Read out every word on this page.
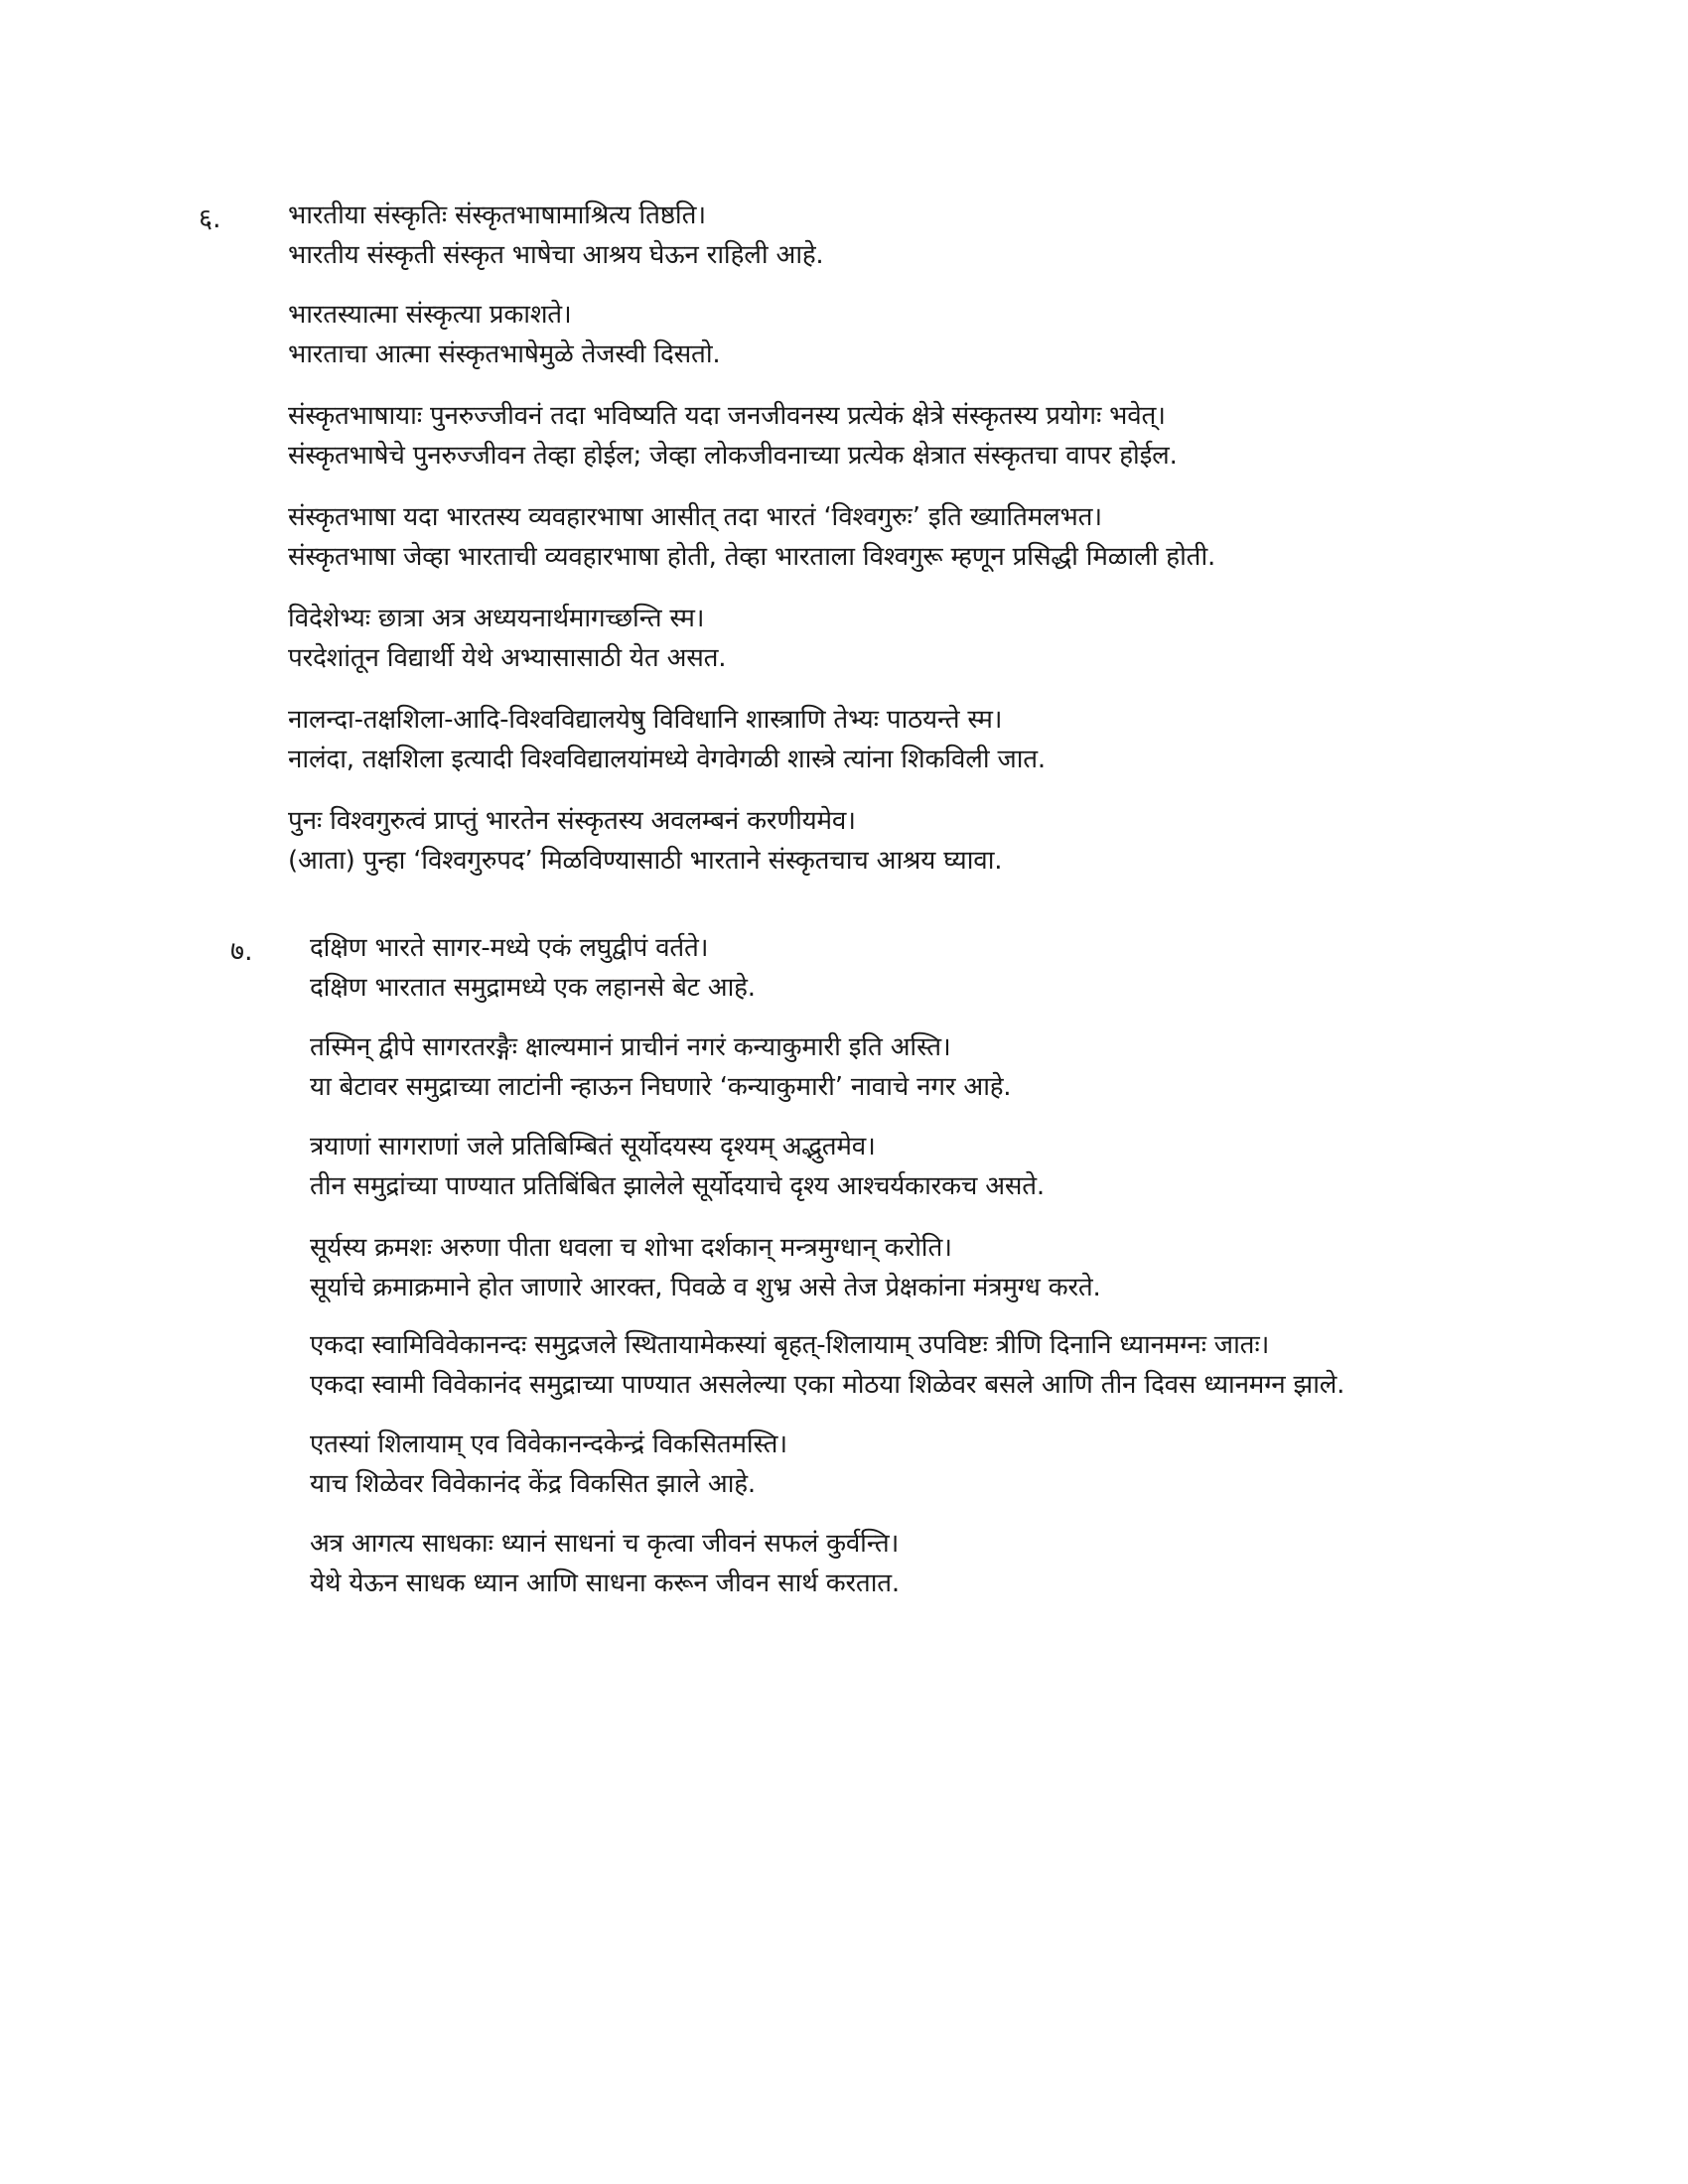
६.	भारतीया संस्कृतिः संस्कृतभाषामाश्रित्य तिष्ठति।
भारतीय संस्कृती संस्कृत भाषेचा आश्रय घेऊन राहिली आहे.
भारतस्यात्मा संस्कृत्या प्रकाशते।
भारताचा आत्मा संस्कृतभाषेमुळे तेजस्वी दिसतो.
संस्कृतभाषायाः पुनरुज्जीवनं तदा भविष्यति यदा जनजीवनस्य प्रत्येकं क्षेत्रे संस्कृतस्य प्रयोगः भवेत्।
संस्कृतभाषेचे पुनरुज्जीवन तेव्हा होईल; जेव्हा लोकजीवनाच्या प्रत्येक क्षेत्रात संस्कृतचा वापर होईल.
संस्कृतभाषा यदा भारतस्य व्यवहारभाषा आसीत् तदा भारतं ‘विश्वगुरुः’ इति ख्यातिमलभत।
संस्कृतभाषा जेव्हा भारताची व्यवहारभाषा होती, तेव्हा भारताला विश्वगुरू म्हणून प्रसिद्धी मिळाली होती.
विदेशेभ्यः छात्रा अत्र अध्ययनार्थमागच्छन्ति स्म।
परदेशांतून विद्यार्थी येथे अभ्यासासाठी येत असत.
नालन्दा-तक्षशिला-आदि-विश्वविद्यालयेषु विविधानि शास्त्राणि तेभ्यः पाठयन्ते स्म।
नालंदा, तक्षशिला इत्यादी विश्वविद्यालयांमध्ये वेगवेगळी शास्त्रे त्यांना शिकविली जात.
पुनः विश्वगुरुत्वं प्राप्तुं भारतेन संस्कृतस्य अवलम्बनं करणीयमेव।
(आता) पुन्हा ‘विश्वगुरुपद’ मिळविण्यासाठी भारताने संस्कृतचाच आश्रय घ्यावा.
७. दक्षिण भारते सागर-मध्ये एकं लघुद्वीपं वर्तते।
दक्षिण भारतात समुद्रामध्ये एक लहानसे बेट आहे.
तस्मिन् द्वीपे सागरतरङ्गैः क्षाल्यमानं प्राचीनं नगरं कन्याकुमारी इति अस्ति।
या बेटावर समुद्राच्या लाटांनी न्हाऊन निघणारे ‘कन्याकुमारी’ नावाचे नगर आहे.
त्रयाणां सागराणां जले प्रतिबिम्बितं सूर्योदयस्य दृश्यम् अद्भुतमेव।
तीन समुद्रांच्या पाण्यात प्रतिबिंबित झालेले सूर्योदयाचे दृश्य आश्चर्यकारकच असते.
सूर्यस्य क्रमशः अरुणा पीता धवला च शोभा दर्शकान् मन्त्रमुग्धान् करोति।
सूर्याचे क्रमाक्रमाने होत जाणारे आरक्त, पिवळे व शुभ्र असे तेज प्रेक्षकांना मंत्रमुग्ध करते.
एकदा स्वामिविवेकानन्दः समुद्रजले स्थितायामेकस्यां बृहत्-शिलायाम् उपविष्टः त्रीणि दिनानि ध्यानमग्नः जातः।
एकदा स्वामी विवेकानंद समुद्राच्या पाण्यात असलेल्या एका मोठया शिळेवर बसले आणि तीन दिवस ध्यानमग्न झाले.
एतस्यां शिलायाम् एव विवेकानन्दकेन्द्रं विकसितमस्ति।
याच शिळेवर विवेकानंद केंद्र विकसित झाले आहे.
अत्र आगत्य साधकाः ध्यानं साधनां च कृत्वा जीवनं सफलं कुर्वन्ति।
येथे येऊन साधक ध्यान आणि साधना करून जीवन सार्थ करतात.
